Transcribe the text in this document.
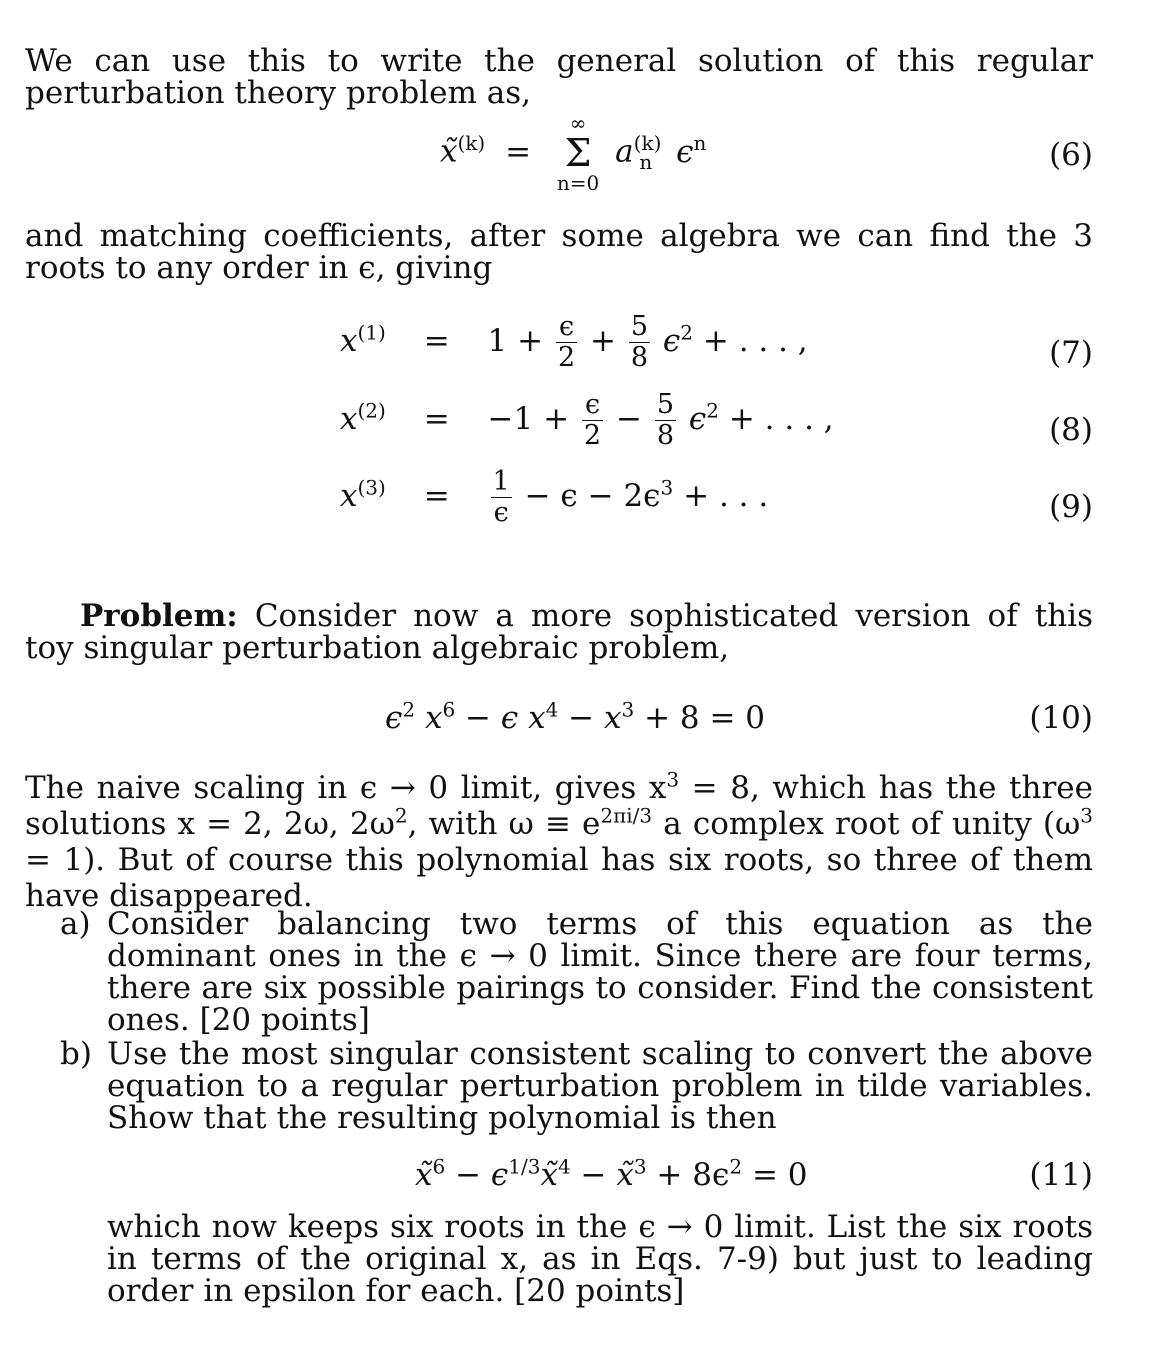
We can use this to write the general solution of this regular perturbation theory problem as,
x̃$^{(k)}$ =
∞
Σ
n=0
$a^{(k)}_n$ $\epsilon^n$	(6)
and matching coefficients, after some algebra we can find the 3 roots to any order in ϵ, giving
$x^{(1)} = 1 + \frac{\epsilon}{2} + \frac{5}{8} \epsilon^2$ + . . . ,	(7)
$x^{(2)} = -1 + \frac{\epsilon}{2} - \frac{5}{8} \epsilon^2$ + . . . ,	(8)
$x^{(3)} = \frac{1}{\epsilon} - \epsilon - 2\epsilon^3$ + . . .	(9)
Problem: Consider now a more sophisticated version of this toy singular perturbation algebraic problem,
$\epsilon^2$ $x^6 - \epsilon$ $x^4 - x^3 + 8 = 0$	(10)
The naive scaling in ϵ → 0 limit, gives $x^3 = 8$, which has the three solutions x = 2, 2ω, $2\omega^2$, with $\omega \equiv e^{2\pi i/3}$ a complex root of unity $(\omega^3 = 1)$. But of course this polynomial has six roots, so three of them have disappeared.
a) Consider balancing two terms of this equation as the dominant ones in the ϵ → 0 limit. Since there are four terms, there are six possible pairings to consider. Find the consistent ones. [20 points]
b) Use the most singular consistent scaling to convert the above equation to a regular perturbation problem in tilde variables. Show that the resulting polynomial is then
x̃$^6$ − $\epsilon^{1/3}x̃^4$ − x̃$^3$ + $8\epsilon^2 = 0$	(11)
which now keeps six roots in the ϵ → 0 limit. List the six roots in terms of the original x, as in Eqs. 7-9) but just to leading order in epsilon for each. [20 points]
